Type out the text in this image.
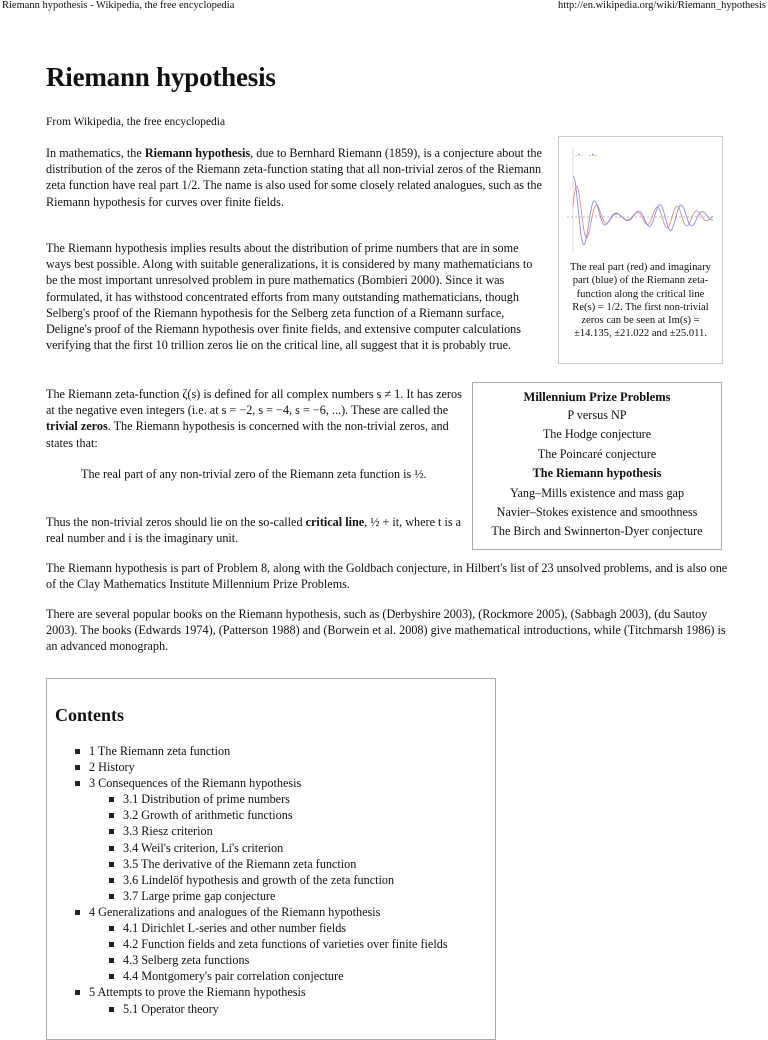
Riemann hypothesis - Wikipedia, the free encyclopedia	http://en.wikipedia.org/wiki/Riemann_hypothesis
Riemann hypothesis
From Wikipedia, the free encyclopedia

In mathematics, the Riemann hypothesis, due to Bernhard Riemann (1859), is a conjecture about the distribution of the zeros of the Riemann zeta-function stating that all non-trivial zeros of the Riemann zeta function have real part 1/2. The name is also used for some closely related analogues, such as the Riemann hypothesis for curves over finite fields.

The Riemann hypothesis implies results about the distribution of prime numbers that are in some ways best possible. Along with suitable generalizations, it is considered by many mathematicians to be the most important unresolved problem in pure mathematics (Bombieri 2000). Since it was formulated, it has withstood concentrated efforts from many outstanding mathematicians, though Selberg's proof of the Riemann hypothesis for the Selberg zeta function of a Riemann surface, Deligne's proof of the Riemann hypothesis over finite fields, and extensive computer calculations verifying that the first 10 trillion zeros lie on the critical line, all suggest that it is probably true.

-•- -•-
The real part (red) and imaginary part (blue) of the Riemann zeta-function along the critical line Re(s) = 1/2. The first non-trivial zeros can be seen at Im(s) = ±14.135, ±21.022 and ±25.011.

The Riemann zeta-function ζ(s) is defined for all complex numbers s ≠ 1. It has zeros at the negative even integers (i.e. at s = −2, s = −4, s = −6, ...). These are called the trivial zeros. The Riemann hypothesis is concerned with the non-trivial zeros, and states that:

The real part of any non-trivial zero of the Riemann zeta function is ½.

Thus the non-trivial zeros should lie on the so-called critical line, ½ + it, where t is a real number and i is the imaginary unit.

Millennium Prize Problems
P versus NP
The Hodge conjecture
The Poincaré conjecture
The Riemann hypothesis
Yang–Mills existence and mass gap
Navier–Stokes existence and smoothness
The Birch and Swinnerton-Dyer conjecture

The Riemann hypothesis is part of Problem 8, along with the Goldbach conjecture, in Hilbert's list of 23 unsolved problems, and is also one of the Clay Mathematics Institute Millennium Prize Problems.

There are several popular books on the Riemann hypothesis, such as (Derbyshire 2003), (Rockmore 2005), (Sabbagh 2003), (du Sautoy 2003). The books (Edwards 1974), (Patterson 1988) and (Borwein et al. 2008) give mathematical introductions, while (Titchmarsh 1986) is an advanced monograph.

Contents
1 The Riemann zeta function
2 History
3 Consequences of the Riemann hypothesis
3.1 Distribution of prime numbers
3.2 Growth of arithmetic functions
3.3 Riesz criterion
3.4 Weil's criterion, Li's criterion
3.5 The derivative of the Riemann zeta function
3.6 Lindelöf hypothesis and growth of the zeta function
3.7 Large prime gap conjecture
4 Generalizations and analogues of the Riemann hypothesis
4.1 Dirichlet L-series and other number fields
4.2 Function fields and zeta functions of varieties over finite fields
4.3 Selberg zeta functions
4.4 Montgomery's pair correlation conjecture
5 Attempts to prove the Riemann hypothesis
5.1 Operator theory
